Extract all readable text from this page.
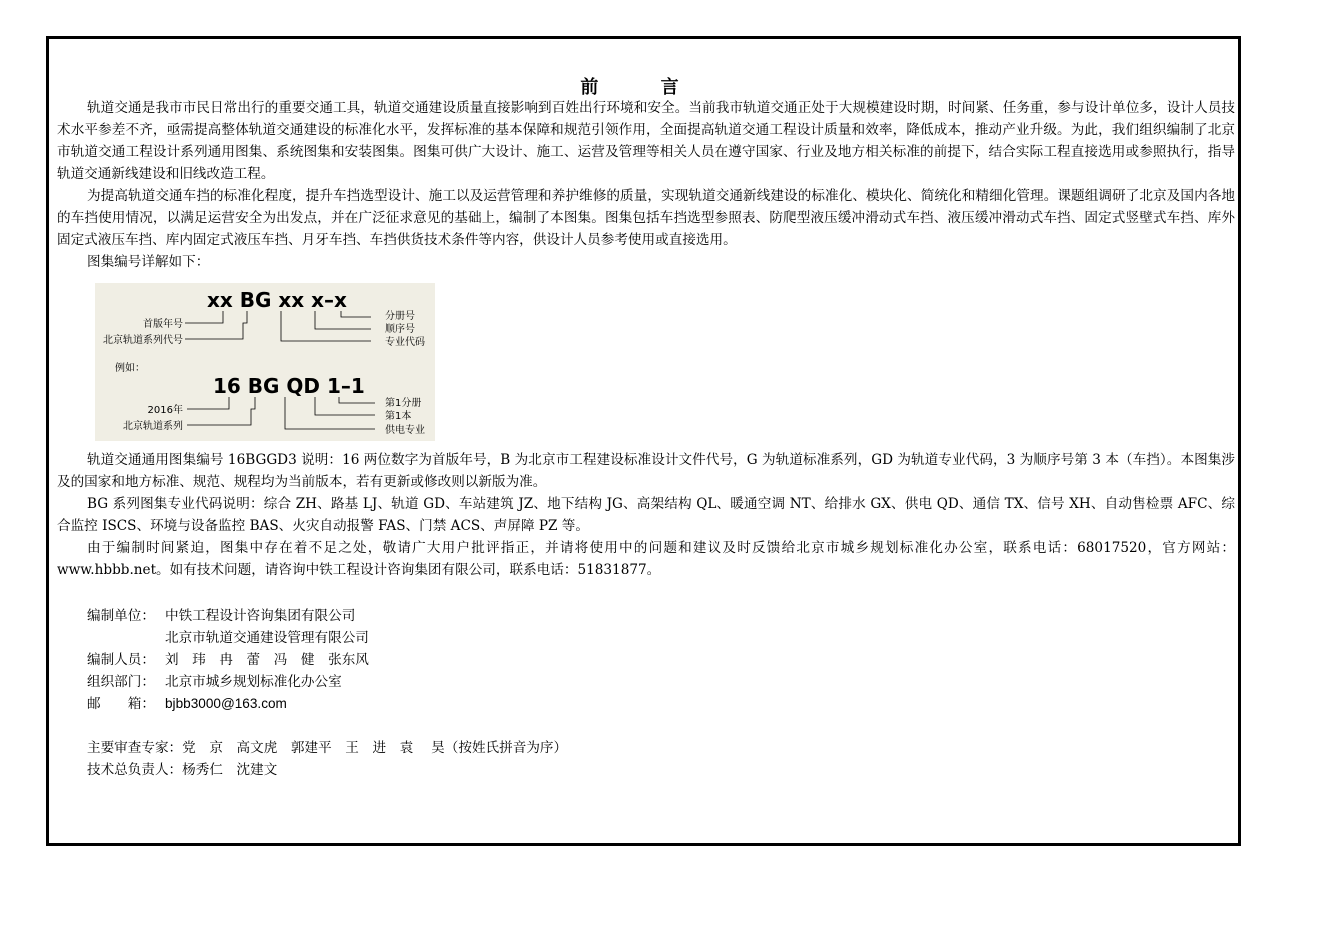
前 言

轨道交通是我市市民日常出行的重要交通工具，轨道交通建设质量直接影响到百姓出行环境和安全。当前我市轨道交通正处于大规模建设时期，时间紧、任务重，参与设计单位多，设计人员技术水平参差不齐，亟需提高整体轨道交通建设的标准化水平，发挥标准的基本保障和规范引领作用，全面提高轨道交通工程设计质量和效率，降低成本，推动产业升级。为此，我们组织编制了北京市轨道交通工程设计系列通用图集、系统图集和安装图集。图集可供广大设计、施工、运营及管理等相关人员在遵守国家、行业及地方相关标准的前提下，结合实际工程直接选用或参照执行，指导轨道交通新线建设和旧线改造工程。

为提高轨道交通车挡的标准化程度，提升车挡选型设计、施工以及运营管理和养护维修的质量，实现轨道交通新线建设的标准化、模块化、简统化和精细化管理。课题组调研了北京及国内各地的车挡使用情况，以满足运营安全为出发点，并在广泛征求意见的基础上，编制了本图集。图集包括车挡选型参照表、防爬型液压缓冲滑动式车挡、液压缓冲滑动式车挡、固定式竖壁式车挡、库外固定式液压车挡、库内固定式液压车挡、月牙车挡、车挡供货技术条件等内容，供设计人员参考使用或直接选用。

图集编号详解如下：

xx BG xx x–x
首版年号
北京轨道系列代号
分册号
顺序号
专业代码
例如：
16 BG QD 1–1
2016年
北京轨道系列
第1分册
第1本
供电专业

轨道交通通用图集编号 16BGGD3 说明：16 两位数字为首版年号，B 为北京市工程建设标准设计文件代号，G 为轨道标准系列，GD 为轨道专业代码，3 为顺序号第 3 本（车挡）。本图集涉及的国家和地方标准、规范、规程均为当前版本，若有更新或修改则以新版为准。

BG 系列图集专业代码说明：综合 ZH、路基 LJ、轨道 GD、车站建筑 JZ、地下结构 JG、高架结构 QL、暖通空调 NT、给排水 GX、供电 QD、通信 TX、信号 XH、自动售检票 AFC、综合监控 ISCS、环境与设备监控 BAS、火灾自动报警 FAS、门禁 ACS、声屏障 PZ 等。

由于编制时间紧迫，图集中存在着不足之处，敬请广大用户批评指正，并请将使用中的问题和建议及时反馈给北京市城乡规划标准化办公室，联系电话：68017520，官方网站：www.hbbb.net。如有技术问题，请咨询中铁工程设计咨询集团有限公司，联系电话：51831877。

编制单位： 中铁工程设计咨询集团有限公司
北京市轨道交通建设管理有限公司
编制人员： 刘　玮　冉　蕾　冯　健　张东风
组织部门： 北京市城乡规划标准化办公室
邮　　箱： bjbb3000@163.com
主要审查专家： 党　京　高文虎　郭建平　王　进　袁　 昊（按姓氏拼音为序）
技术总负责人： 杨秀仁　沈建文
